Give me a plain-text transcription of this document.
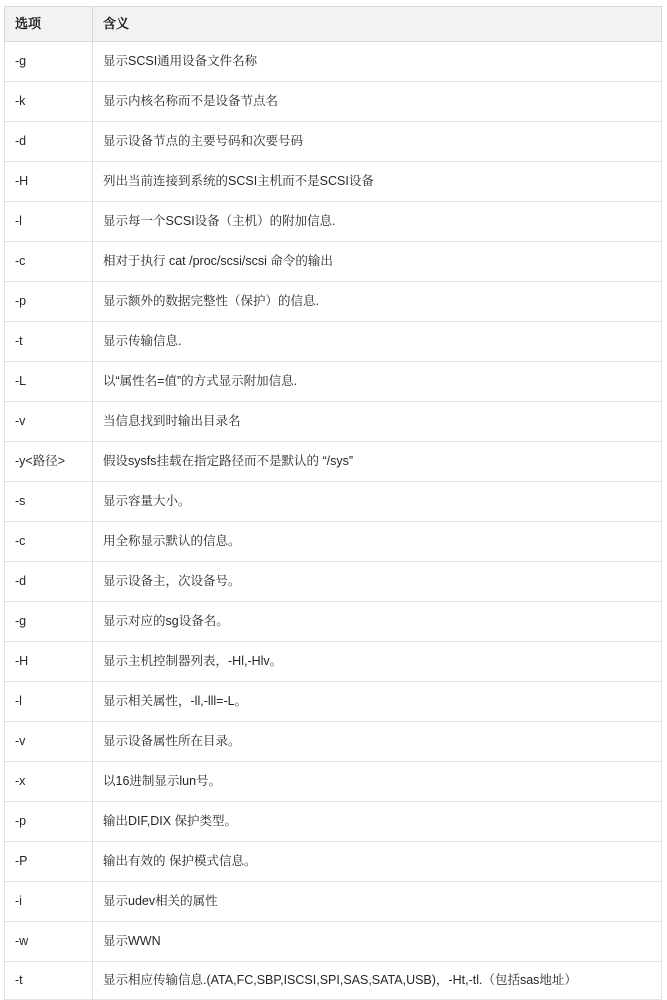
选项	含义
-g	显示SCSI通用设备文件名称
-k	显示内核名称而不是设备节点名
-d	显示设备节点的主要号码和次要号码
-H	列出当前连接到系统的SCSI主机而不是SCSI设备
-l	显示每一个SCSI设备（主机）的附加信息.
-c	相对于执行 cat /proc/scsi/scsi 命令的输出
-p	显示额外的数据完整性（保护）的信息.
-t	显示传输信息.
-L	以“属性名=值”的方式显示附加信息.
-v	当信息找到时输出目录名
-y<路径>	假设sysfs挂载在指定路径而不是默认的 “/sys”
-s	显示容量大小。
-c	用全称显示默认的信息。
-d	显示设备主，次设备号。
-g	显示对应的sg设备名。
-H	显示主机控制器列表，-Hl,-Hlv。
-l	显示相关属性，-ll,-lll=-L。
-v	显示设备属性所在目录。
-x	以16进制显示lun号。
-p	输出DIF,DIX 保护类型。
-P	输出有效的 保护模式信息。
-i	显示udev相关的属性
-w	显示WWN
-t	显示相应传输信息.(ATA,FC,SBP,ISCSI,SPI,SAS,SATA,USB)，-Ht,-tl.（包括sas地址）
